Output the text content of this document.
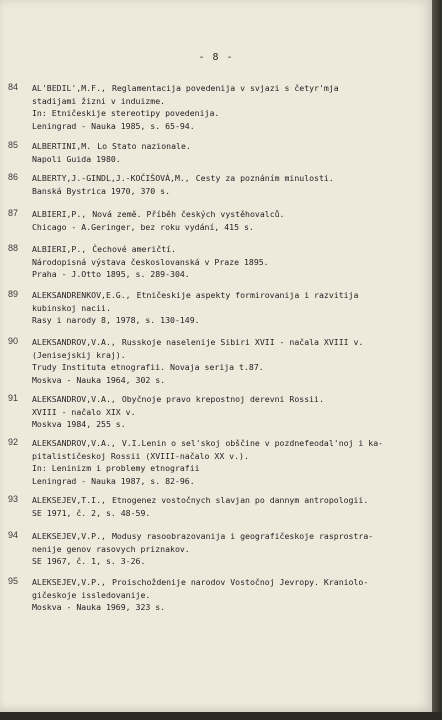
- 8 -
84 AL'BEDIL',M.F., Reglamentacija povedenija v svjazi s četyr'mja
stadijami žizni v induizme.
In: Etničeskije stereotipy povedenija.
Leningrad - Nauka 1985, s. 65-94.
85 ALBERTINI,M. Lo Stato nazionale.
Napoli Guida 1980.
86 ALBERTY,J.-GINDL,J.-KOČIŠOVÁ,M., Cesty za poznáním minulosti.
Banská Bystrica 1970, 370 s.
87 ALBIERI,P., Nová země. Příběh českých vystěhovalců.
Chicago - A.Geringer, bez roku vydání, 415 s.
88 ALBIERI,P., Čechové američtí.
Národopisná výstava českoslovanská v Praze 1895.
Praha - J.Otto 1895, s. 289-304.
89 ALEKSANDRENKOV,E.G., Etničeskije aspekty formirovanija i razvitija
kubinskoj nacii.
Rasy i narody 8, 1978, s. 130-149.
90 ALEKSANDROV,V.A., Russkoje naselenije Sibiri XVII - načala XVIII v.
(Jenisejskij kraj).
Trudy Instituta etnografii. Novaja serija t.87.
Moskva - Nauka 1964, 302 s.
91 ALEKSANDROV,V.A., Obyčnoje pravo krepostnoj derevni Rossii.
XVIII - načalo XIX v.
Moskva 1984, 255 s.
92 ALEKSANDROV,V.A., V.I.Lenin o sel'skoj obščine v pozdnefeodal'noj i ka-
pitalističeskoj Rossii (XVIII-načalo XX v.).
In: Leninizm i problemy etnografii
Leningrad - Nauka 1987, s. 82-96.
93 ALEKSEJEV,T.I., Etnogenez vostočnych slavjan po dannym antropologii.
SE 1971, č. 2, s. 48-59.
94 ALEKSEJEV,V.P., Modusy rasoobrazovanija i geografičeskoje rasprostra-
nenije genov rasovych priznakov.
SE 1967, č. 1, s. 3-26.
95 ALEKSEJEV,V.P., Proischoždenije narodov Vostočnoj Jevropy. Kraniolo-
gičeskoje issledovanije.
Moskva - Nauka 1969, 323 s.
